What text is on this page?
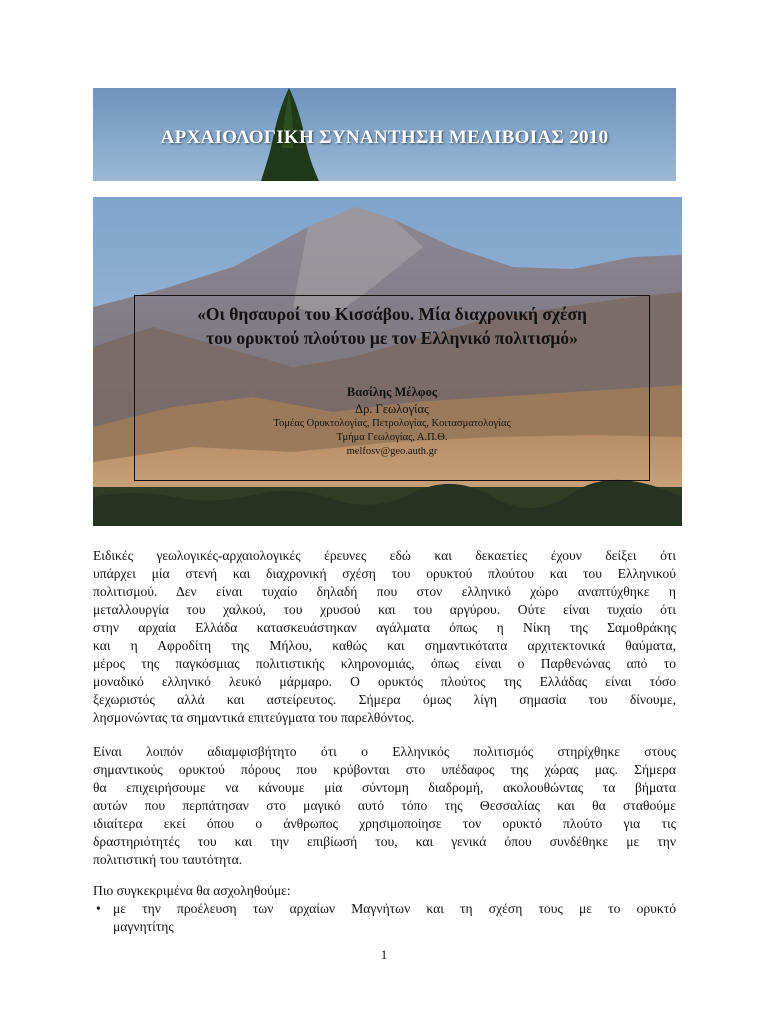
ΑΡΧΑΙΟΛΟΓΙΚΗ ΣΥΝΑΝΤΗΣΗ ΜΕΛΙΒΟΙΑΣ 2010
«Οι θησαυροί του Κισσάβου. Μία διαχρονική σχέση
του ορυκτού πλούτου με τον Ελληνικό πολιτισμό»
Βασίλης Μέλφος
Δρ. Γεωλογίας
Τομέας Ορυκτολογίας, Πετρολογίας, Κοιτασματολογίας
Τμήμα Γεωλογίας, Α.Π.Θ.
melfosv@geo.auth.gr
Ειδικές γεωλογικές-αρχαιολογικές έρευνες εδώ και δεκαετίες έχουν δείξει ότι
υπάρχει μία στενή και διαχρονική σχέση του ορυκτού πλούτου και του Ελληνικού
πολιτισμού. Δεν είναι τυχαίο δηλαδή που στον ελληνικό χώρο αναπτύχθηκε η
μεταλλουργία του χαλκού, του χρυσού και του αργύρου. Ούτε είναι τυχαίο ότι
στην αρχαία Ελλάδα κατασκευάστηκαν αγάλματα όπως η Νίκη της Σαμοθράκης
και η Αφροδίτη της Μήλου, καθώς και σημαντικότατα αρχιτεκτονικά θαύματα,
μέρος της παγκόσμιας πολιτιστικής κληρονομιάς, όπως είναι ο Παρθενώνας από το
μοναδικό ελληνικό λευκό μάρμαρο. Ο ορυκτός πλούτος της Ελλάδας είναι τόσο
ξεχωριστός αλλά και αστείρευτος. Σήμερα όμως λίγη σημασία του δίνουμε,
λησμονώντας τα σημαντικά επιτεύγματα του παρελθόντος.
Είναι λοιπόν αδιαμφισβήτητο ότι ο Ελληνικός πολιτισμός στηρίχθηκε στους
σημαντικούς ορυκτού πόρους που κρύβονται στο υπέδαφος της χώρας μας. Σήμερα
θα επιχειρήσουμε να κάνουμε μία σύντομη διαδρομή, ακολουθώντας τα βήματα
αυτών που περπάτησαν στο μαγικό αυτό τόπο της Θεσσαλίας και θα σταθούμε
ιδιαίτερα εκεί όπου ο άνθρωπος χρησιμοποίησε τον ορυκτό πλούτο για τις
δραστηριότητές του και την επιβίωσή του, και γενικά όπου συνδέθηκε με την
πολιτιστική του ταυτότητα.
Πιο συγκεκριμένα θα ασχοληθούμε:
• με την προέλευση των αρχαίων Μαγνήτων και τη σχέση τους με το ορυκτό
μαγνητίτης
1
